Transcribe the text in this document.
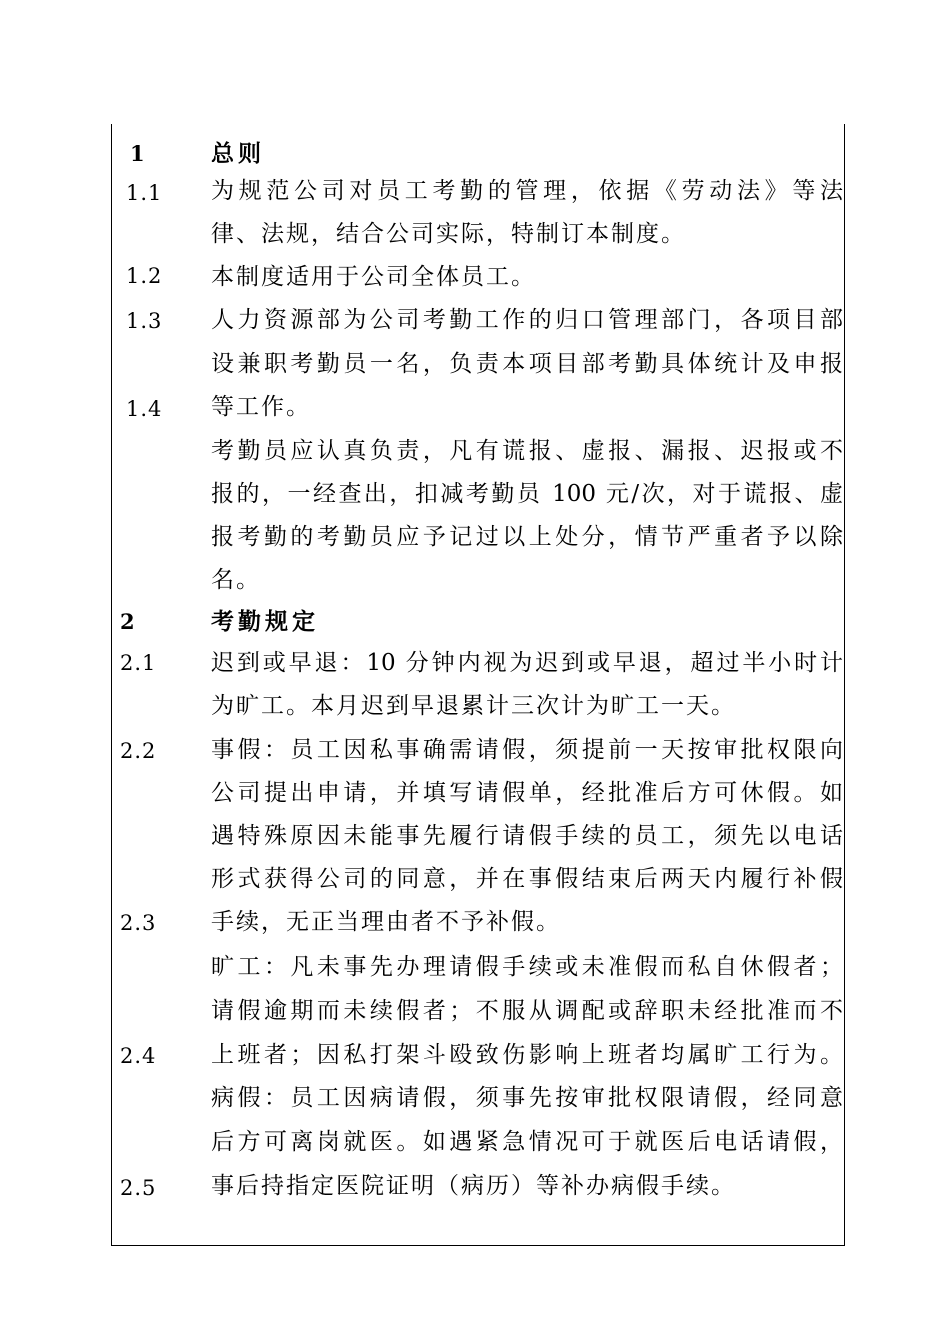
1
1.1
1.2
1.3
1.4
2
2.1
2.2
2.3
2.4
2.5
总则
为规范公司对员工考勤的管理，依据《劳动法》等法
律、法规，结合公司实际，特制订本制度。
本制度适用于公司全体员工。
人力资源部为公司考勤工作的归口管理部门，各项目部
设兼职考勤员一名，负责本项目部考勤具体统计及申报
等工作。
考勤员应认真负责，凡有谎报、虚报、漏报、迟报或不
报的，一经查出，扣减考勤员 100 元/次，对于谎报、虚
报考勤的考勤员应予记过以上处分，情节严重者予以除
名。
考勤规定
迟到或早退：10 分钟内视为迟到或早退，超过半小时计
为旷工。本月迟到早退累计三次计为旷工一天。
事假：员工因私事确需请假，须提前一天按审批权限向
公司提出申请，并填写请假单，经批准后方可休假。如
遇特殊原因未能事先履行请假手续的员工，须先以电话
形式获得公司的同意，并在事假结束后两天内履行补假
手续，无正当理由者不予补假。
旷工：凡未事先办理请假手续或未准假而私自休假者；
请假逾期而未续假者；不服从调配或辞职未经批准而不
上班者；因私打架斗殴致伤影响上班者均属旷工行为。
病假：员工因病请假，须事先按审批权限请假，经同意
后方可离岗就医。如遇紧急情况可于就医后电话请假，
事后持指定医院证明（病历）等补办病假手续。
